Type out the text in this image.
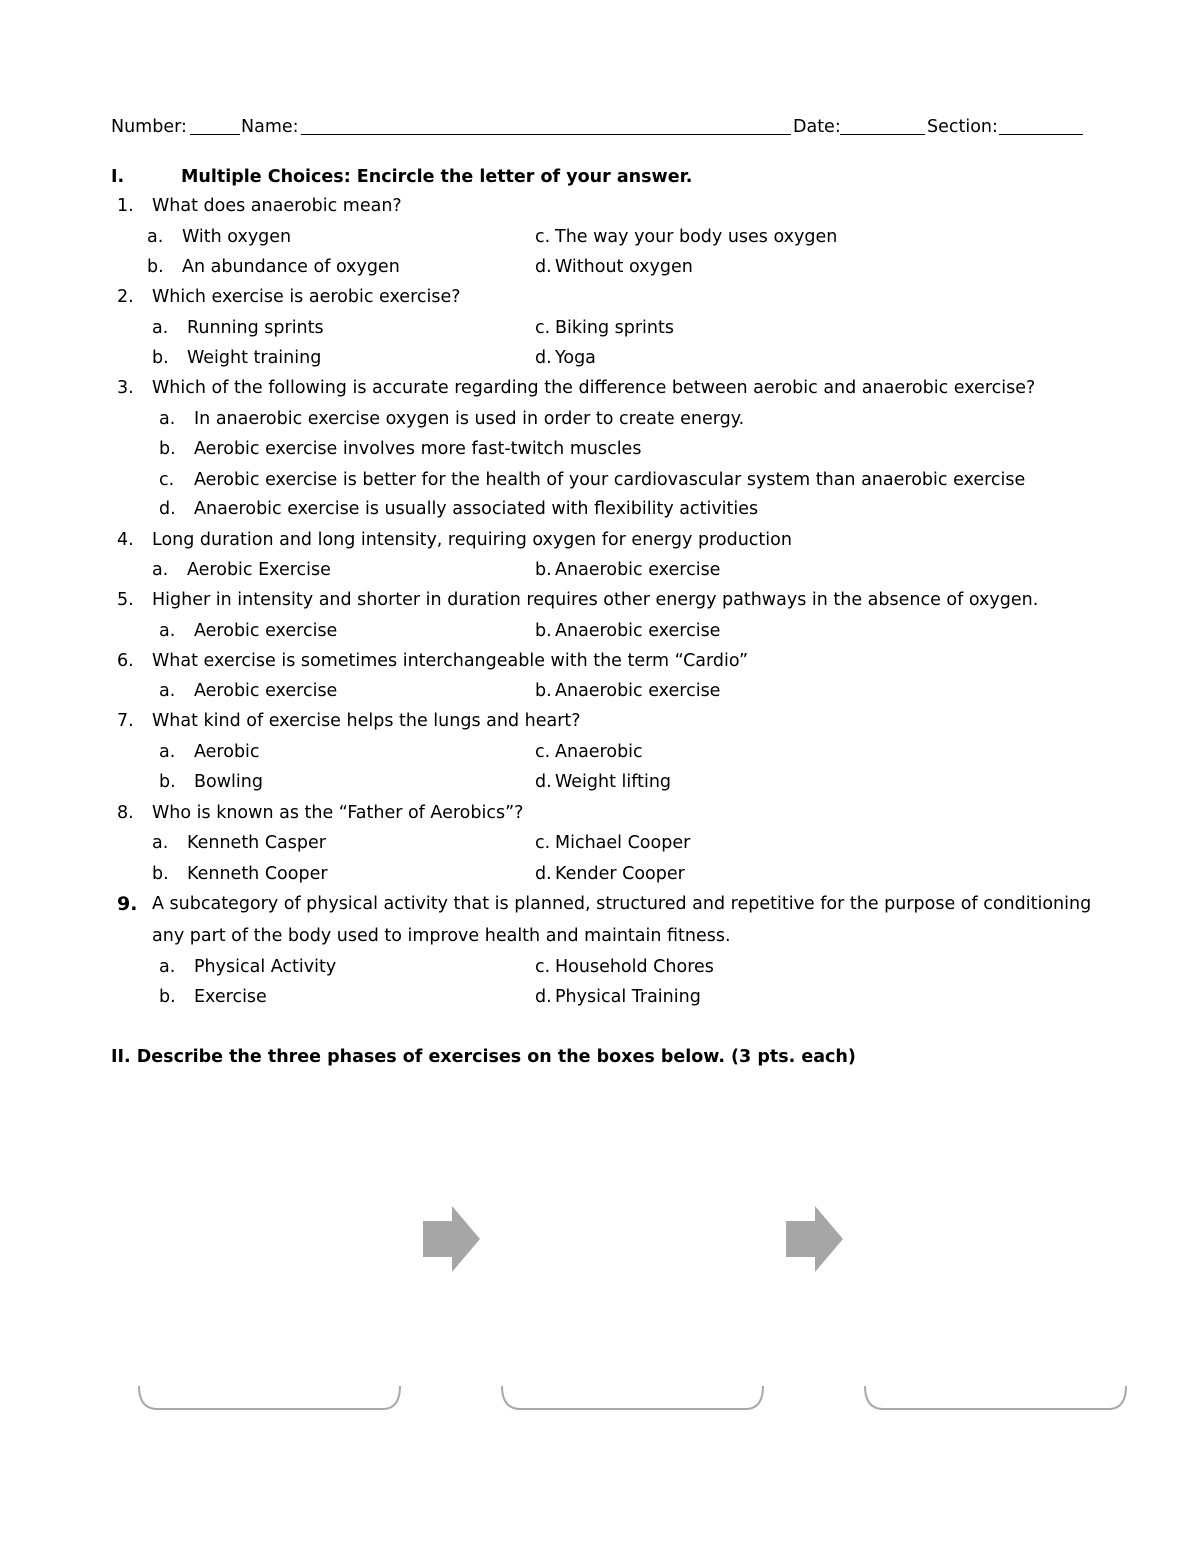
Number:	Name:	Date:	Section:
I.	Multiple Choices: Encircle the letter of your answer.
1. What does anaerobic mean?
a. With oxygen
b. An abundance of oxygen
c. The way your body uses oxygen
d. Without oxygen
2. Which exercise is aerobic exercise?
a. Running sprints
b. Weight training
c. Biking sprints
d. Yoga
3. Which of the following is accurate regarding the difference between aerobic and anaerobic exercise?
a. In anaerobic exercise oxygen is used in order to create energy.
b. Aerobic exercise involves more fast-twitch muscles
c. Aerobic exercise is better for the health of your cardiovascular system than anaerobic exercise
d. Anaerobic exercise is usually associated with flexibility activities
4. Long duration and long intensity, requiring oxygen for energy production
a. Aerobic Exercise	b. Anaerobic exercise
5. Higher in intensity and shorter in duration requires other energy pathways in the absence of oxygen.
a. Aerobic exercise	b. Anaerobic exercise
6. What exercise is sometimes interchangeable with the term “Cardio”
a. Aerobic exercise	b. Anaerobic exercise
7. What kind of exercise helps the lungs and heart?
a. Aerobic
b. Bowling
c. Anaerobic
d. Weight lifting
8. Who is known as the “Father of Aerobics”?
a. Kenneth Casper
b. Kenneth Cooper
c. Michael Cooper
d. Kender Cooper
9. A subcategory of physical activity that is planned, structured and repetitive for the purpose of conditioning
any part of the body used to improve health and maintain fitness.
a. Physical Activity
b. Exercise
c. Household Chores
d. Physical Training
II. Describe the three phases of exercises on the boxes below. (3 pts. each)
